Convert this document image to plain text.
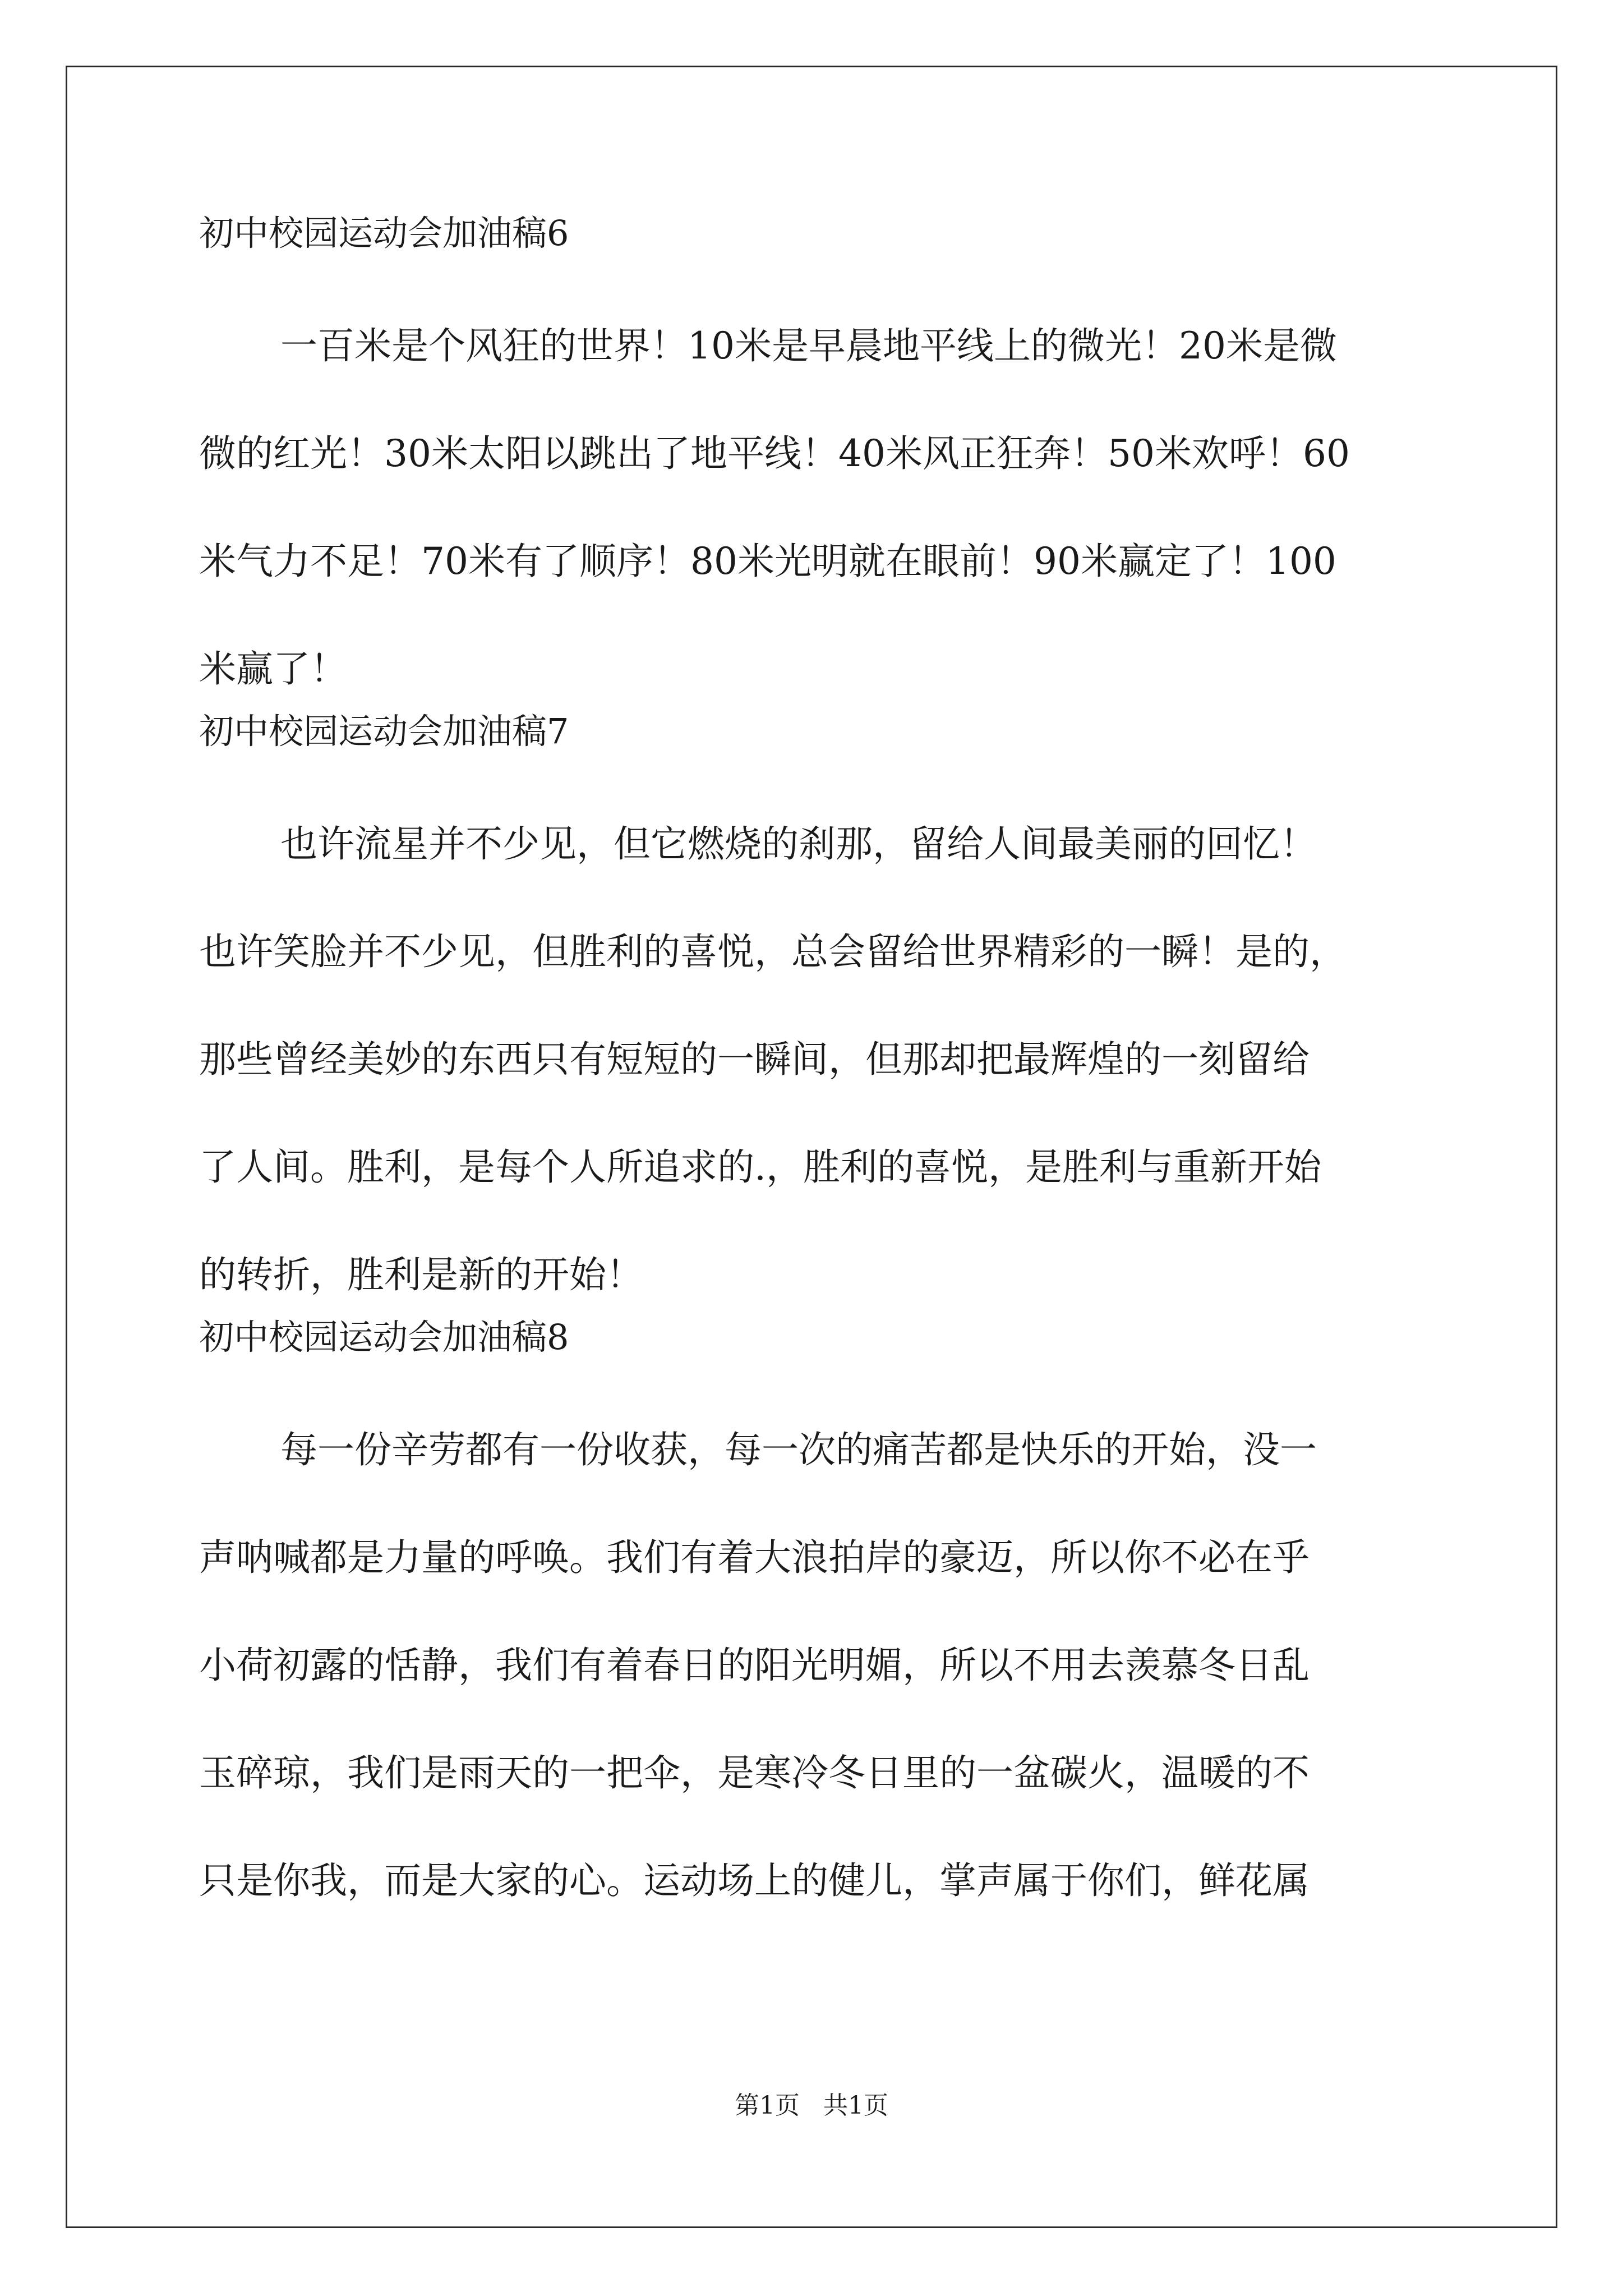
初中校园运动会加油稿6
一百米是个风狂的世界！10米是早晨地平线上的微光！20米是微
微的红光！30米太阳以跳出了地平线！40米风正狂奔！50米欢呼！60
米气力不足！70米有了顺序！80米光明就在眼前！90米赢定了！100
米赢了！
初中校园运动会加油稿7
也许流星并不少见，但它燃烧的刹那，留给人间最美丽的回忆！
也许笑脸并不少见，但胜利的喜悦，总会留给世界精彩的一瞬！是的，
那些曾经美妙的东西只有短短的一瞬间，但那却把最辉煌的一刻留给
了人间。胜利，是每个人所追求的.，胜利的喜悦，是胜利与重新开始
的转折，胜利是新的开始！
初中校园运动会加油稿8
每一份辛劳都有一份收获，每一次的痛苦都是快乐的开始，没一
声呐喊都是力量的呼唤。我们有着大浪拍岸的豪迈，所以你不必在乎
小荷初露的恬静，我们有着春日的阳光明媚，所以不用去羡慕冬日乱
玉碎琼，我们是雨天的一把伞，是寒冷冬日里的一盆碳火，温暖的不
只是你我，而是大家的心。运动场上的健儿，掌声属于你们，鲜花属
第1页   共1页
